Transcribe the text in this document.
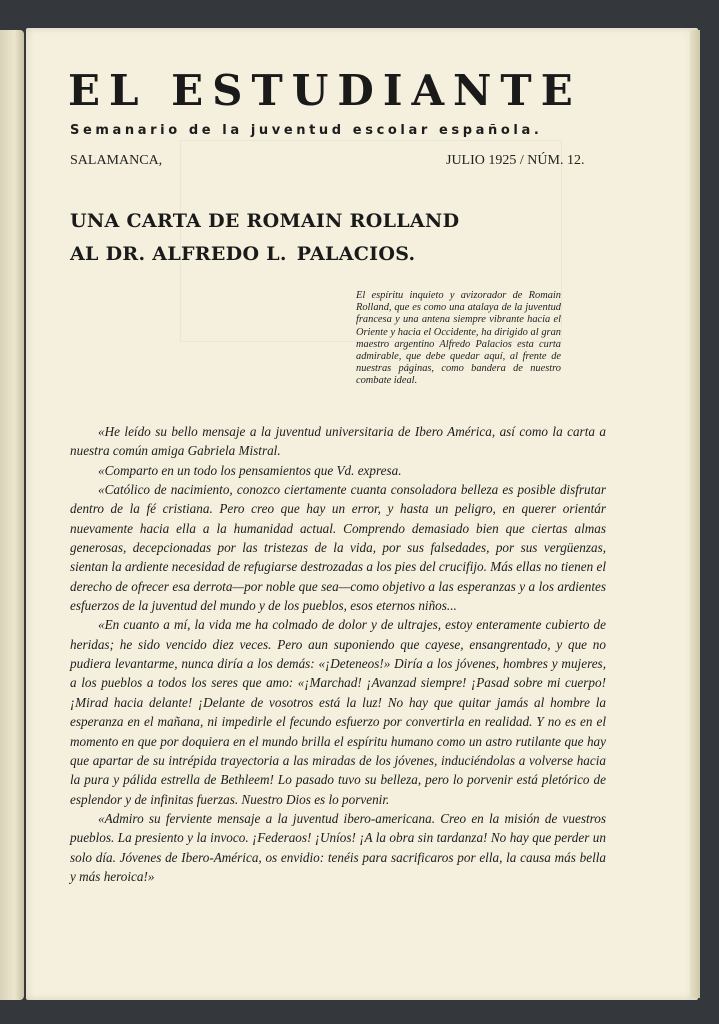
EL ESTUDIANTE
Semanario de la juventud escolar española.
SALAMANCA,	JULIO 1925 / NÚM. 12.
UNA CARTA DE ROMAIN ROLLAND
AL DR. ALFREDO L. PALACIOS.
El espíritu inquieto y avizorador de Romain Rolland, que es como una atalaya de la juventud francesa y una antena siempre vibrante hacia el Oriente y hacia el Occidente, ha dirigido al gran maestro argentino Alfredo Palacios esta curta admirable, que debe quedar aquí, al frente de nuestras páginas, como bandera de nuestro combate ideal.

«He leído su bello mensaje a la juventud universitaria de Ibero América, así como la carta a nuestra común amiga Gabriela Mistral.

«Comparto en un todo los pensamientos que Vd. expresa.

«Católico de nacimiento, conozco ciertamente cuanta consoladora belleza es posible disfrutar dentro de la fé cristiana. Pero creo que hay un error, y hasta un peligro, en querer orientár nuevamente hacia ella a la humanidad actual. Comprendo demasiado bien que ciertas almas generosas, decepcionadas por las tristezas de la vida, por sus falsedades, por sus vergüenzas, sientan la ardiente necesidad de refugiarse destrozadas a los pies del crucifijo. Más ellas no tienen el derecho de ofrecer esa derrota—por noble que sea—como objetivo a las esperanzas y a los ardientes esfuerzos de la juventud del mundo y de los pueblos, esos eternos niños...

«En cuanto a mí, la vida me ha colmado de dolor y de ultrajes, estoy enteramente cubierto de heridas; he sido vencido diez veces. Pero aun suponiendo que cayese, ensangrentado, y que no pudiera levantarme, nunca diría a los demás: «¡Deteneos!» Diría a los jóvenes, hombres y mujeres, a los pueblos a todos los seres que amo: «¡Marchad! ¡Avanzad siempre! ¡Pasad sobre mi cuerpo! ¡Mirad hacia delante! ¡Delante de vosotros está la luz! No hay que quitar jamás al hombre la esperanza en el mañana, ni impedirle el fecundo esfuerzo por convertirla en realidad. Y no es en el momento en que por doquiera en el mundo brilla el espíritu humano como un astro rutilante que hay que apartar de su intrépida trayectoria a las miradas de los jóvenes, induciéndolas a volverse hacia la pura y pálida estrella de Bethleem! Lo pasado tuvo su belleza, pero lo porvenir está pletórico de esplendor y de infinitas fuerzas. Nuestro Dios es lo porvenir.

«Admiro su ferviente mensaje a la juventud ibero-americana. Creo en la misión de vuestros pueblos. La presiento y la invoco. ¡Federaos! ¡Uníos! ¡A la obra sin tardanza! No hay que perder un solo día. Jóvenes de Ibero-América, os envidio: tenéis para sacrificaros por ella, la causa más bella y más heroica!»
